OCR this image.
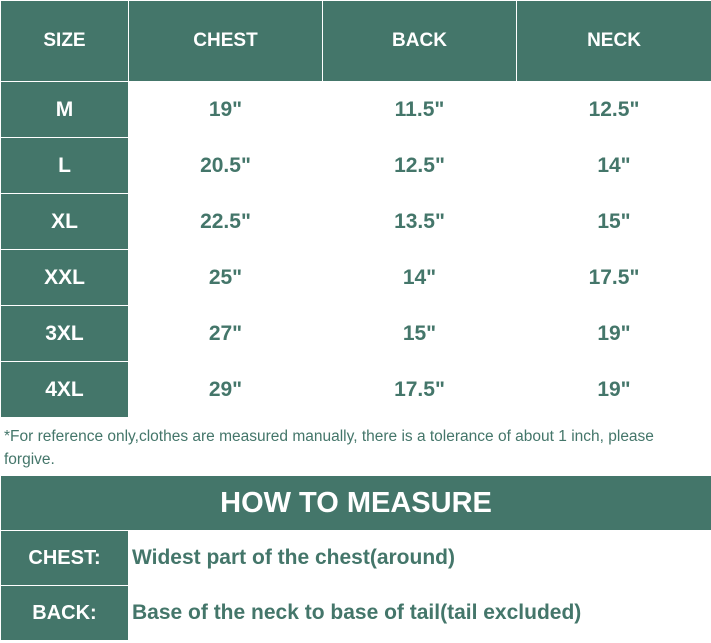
SIZE	CHEST	BACK	NECK
M	19"	11.5"	12.5"
L	20.5"	12.5"	14"
XL	22.5"	13.5"	15"
XXL	25"	14"	17.5"
3XL	27"	15"	19"
4XL	29"	17.5"	19"
*For reference only,clothes are measured manually, there is a tolerance of about 1 inch, please forgive.
HOW TO MEASURE	
CHEST:	Widest part of the chest(around)
BACK:	Base of the neck to base of tail(tail excluded)
